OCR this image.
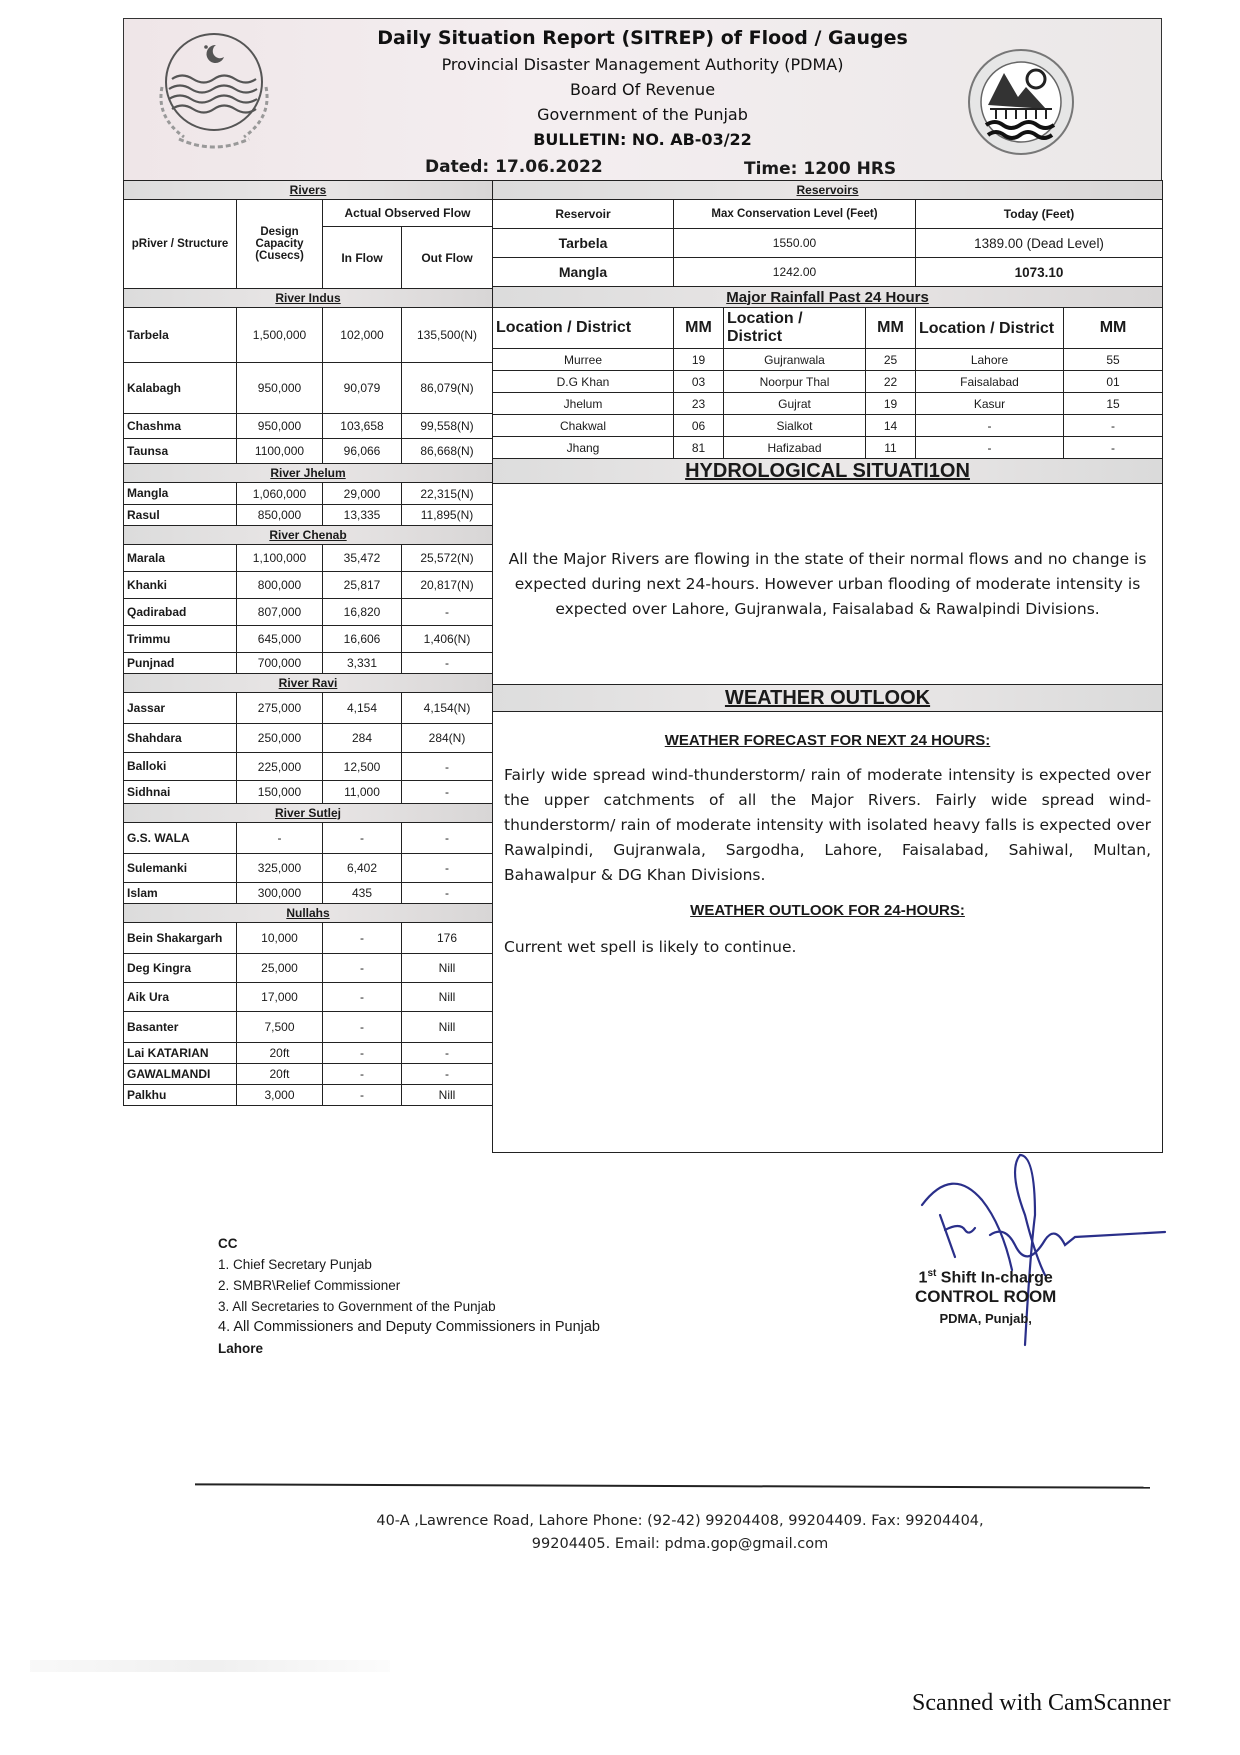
Daily Situation Report (SITREP) of Flood / Gauges
Provincial Disaster Management Authority (PDMA)
Board Of Revenue
Government of the Punjab
BULLETIN: NO. AB-03/22
Dated: 17.06.2022	Time: 1200 HRS
Rivers			
pRiver / Structure	Design Capacity (Cusecs)	Actual Observed Flow	
		In Flow	Out Flow
River Indus			
Tarbela	1,500,000	102,000	135,500(N)
Kalabagh	950,000	90,079	86,079(N)
Chashma	950,000	103,658	99,558(N)
Taunsa	1100,000	96,066	86,668(N)
River Jhelum			
Mangla	1,060,000	29,000	22,315(N)
Rasul	850,000	13,335	11,895(N)
River Chenab			
Marala	1,100,000	35,472	25,572(N)
Khanki	800,000	25,817	20,817(N)
Qadirabad	807,000	16,820	-
Trimmu	645,000	16,606	1,406(N)
Punjnad	700,000	3,331	-
River Ravi			
Jassar	275,000	4,154	4,154(N)
Shahdara	250,000	284	284(N)
Balloki	225,000	12,500	-
Sidhnai	150,000	11,000	-
River Sutlej			
G.S. WALA	-	-	-
Sulemanki	325,000	6,402	-
Islam	300,000	435	-
Nullahs			
Bein Shakargarh	10,000	-	176
Deg Kingra	25,000	-	Nill
Aik Ura	17,000	-	Nill
Basanter	7,500	-	Nill
Lai KATARIAN	20ft	-	-
GAWALMANDI	20ft	-	-
Palkhu	3,000	-	Nill
Reservoirs					
Reservoir	Max Conservation Level (Feet)			Today (Feet)	
Tarbela	1550.00			1389.00 (Dead Level)	
Mangla	1242.00			1073.10	
Major Rainfall Past 24 Hours					
Location / District	MM	Location / District	MM	Location / District	MM
Murree	19	Gujranwala	25	Lahore	55
D.G Khan	03	Noorpur Thal	22	Faisalabad	01
Jhelum	23	Gujrat	19	Kasur	15
Chakwal	06	Sialkot	14	-	-
Jhang	81	Hafizabad	11	-	-
HYDROLOGICAL SITUATI1ON					
All the Major Rivers are flowing in the state of their normal flows and no change is expected during next 24-hours. However urban flooding of moderate intensity is expected over Lahore, Gujranwala, Faisalabad & Rawalpindi Divisions.					
WEATHER OUTLOOK					

WEATHER FORECAST FOR NEXT 24 HOURS:
Fairly wide spread wind-thunderstorm/ rain of moderate intensity is expected over the upper catchments of all the Major Rivers. Fairly wide spread wind-thunderstorm/ rain of moderate intensity with isolated heavy falls is expected over Rawalpindi, Gujranwala, Sargodha, Lahore, Faisalabad, Sahiwal, Multan, Bahawalpur & DG Khan Divisions.
WEATHER OUTLOOK FOR 24-HOURS:
Current wet spell is likely to continue.					
CC
1. Chief Secretary Punjab
2. SMBR\Relief Commissioner
3. All Secretaries to Government of the Punjab
4. All Commissioners and Deputy Commissioners in Punjab
Lahore
1st Shift In-charge
CONTROL ROOM
PDMA, Punjab,
40-A ,Lawrence Road, Lahore Phone: (92-42) 99204408, 99204409. Fax: 99204404,
99204405. Email: pdma.gop@gmail.com
Scanned with CamScanner
